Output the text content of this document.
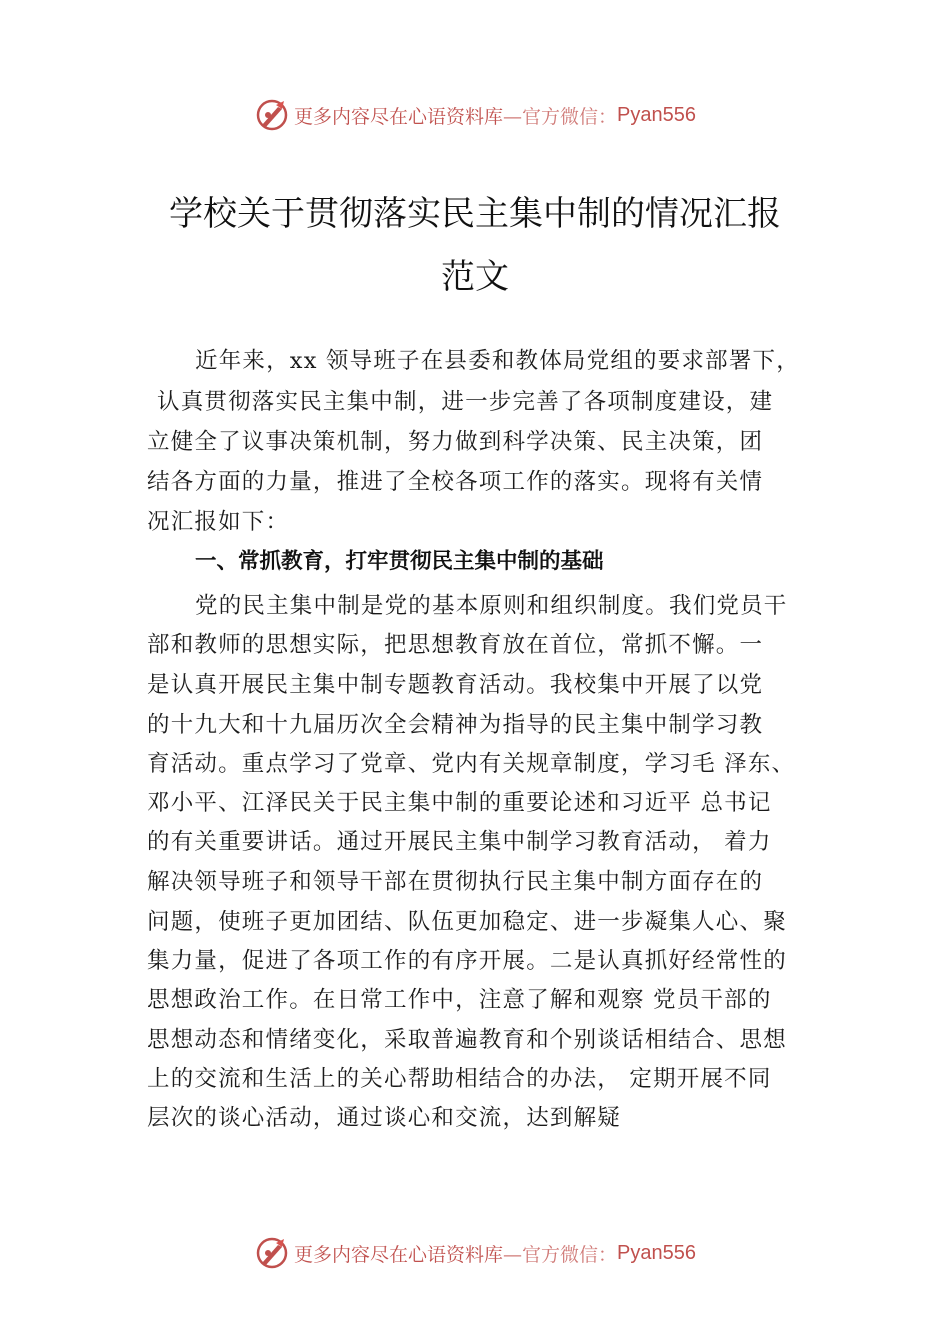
更多内容尽在心语资料库 —官方微信： Pyan556
学校关于贯彻落实民主集中制的情况汇报
范文
近年来，xx 领导班子在县委和教体局党组的要求部署下，
认真贯彻落实民主集中制，进一步完善了各项制度建设，建
立健全了议事决策机制，努力做到科学决策、民主决策，团
结各方面的力量，推进了全校各项工作的落实。现将有关情
况汇报如下：
一、常抓教育，打牢贯彻民主集中制的基础
党的民主集中制是党的基本原则和组织制度。我们党员干
部和教师的思想实际，把思想教育放在首位，常抓不懈。一
是认真开展民主集中制专题教育活动。我校集中开展了以党
的十九大和十九届历次全会精神为指导的民主集中制学习教
育活动。重点学习了党章、党内有关规章制度，学习毛 泽东、
邓小平、江泽民关于民主集中制的重要论述和习近平 总书记
的有关重要讲话。通过开展民主集中制学习教育活动， 着力
解决领导班子和领导干部在贯彻执行民主集中制方面存在的
问题，使班子更加团结、队伍更加稳定、进一步凝集人心、聚
集力量，促进了各项工作的有序开展。二是认真抓好经常性的
思想政治工作。在日常工作中，注意了解和观察 党员干部的
思想动态和情绪变化，采取普遍教育和个别谈话相结合、思想
上的交流和生活上的关心帮助相结合的办法， 定期开展不同
层次的谈心活动，通过谈心和交流，达到解疑
更多内容尽在心语资料库 —官方微信： Pyan556
